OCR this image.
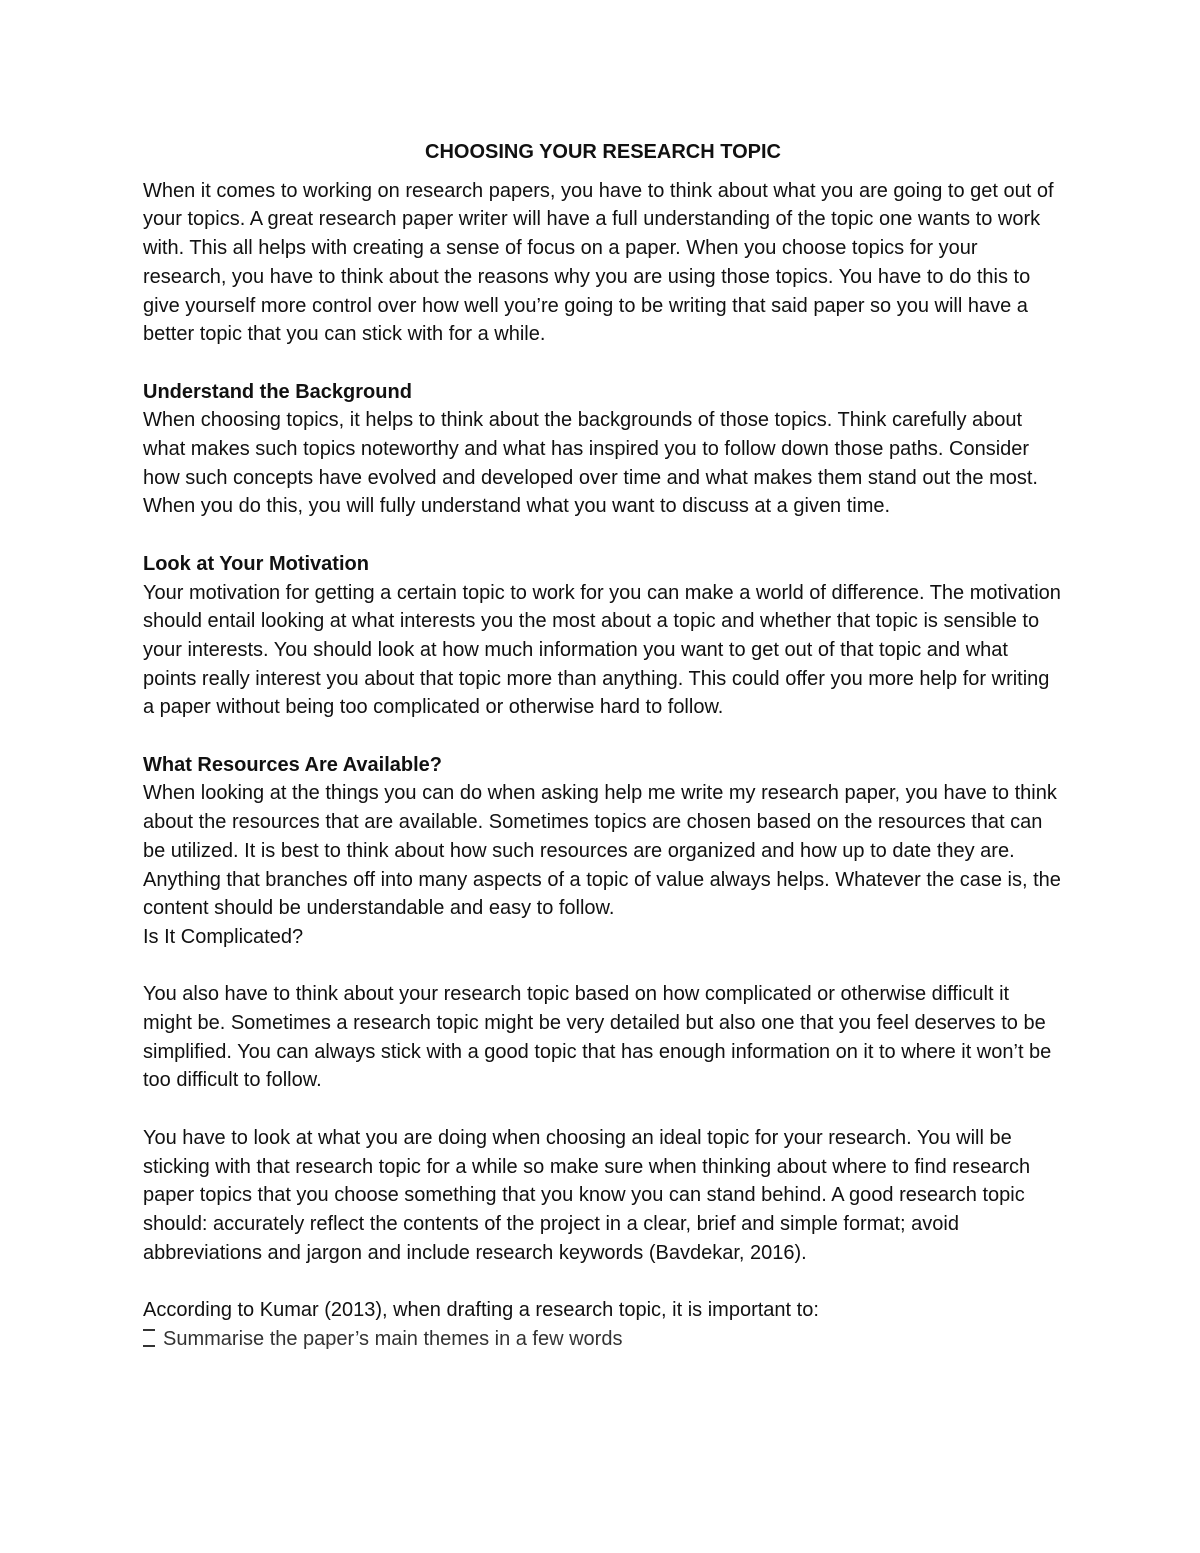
CHOOSING YOUR RESEARCH TOPIC

When it comes to working on research papers, you have to think about what you are going to get out of your topics. A great research paper writer will have a full understanding of the topic one wants to work with. This all helps with creating a sense of focus on a paper. When you choose topics for your research, you have to think about the reasons why you are using those topics. You have to do this to give yourself more control over how well you’re going to be writing that said paper so you will have a better topic that you can stick with for a while.

Understand the Background

When choosing topics, it helps to think about the backgrounds of those topics. Think carefully about what makes such topics noteworthy and what has inspired you to follow down those paths. Consider how such concepts have evolved and developed over time and what makes them stand out the most. When you do this, you will fully understand what you want to discuss at a given time.

Look at Your Motivation

Your motivation for getting a certain topic to work for you can make a world of difference. The motivation should entail looking at what interests you the most about a topic and whether that topic is sensible to your interests. You should look at how much information you want to get out of that topic and what points really interest you about that topic more than anything. This could offer you more help for writing a paper without being too complicated or otherwise hard to follow.

What Resources Are Available?

When looking at the things you can do when asking help me write my research paper, you have to think about the resources that are available. Sometimes topics are chosen based on the resources that can be utilized. It is best to think about how such resources are organized and how up to date they are. Anything that branches off into many aspects of a topic of value always helps. Whatever the case is, the content should be understandable and easy to follow.

Is It Complicated?

You also have to think about your research topic based on how complicated or otherwise difficult it might be. Sometimes a research topic might be very detailed but also one that you feel deserves to be simplified. You can always stick with a good topic that has enough information on it to where it won’t be too difficult to follow.

You have to look at what you are doing when choosing an ideal topic for your research. You will be sticking with that research topic for a while so make sure when thinking about where to find research paper topics that you choose something that you know you can stand behind. A good research topic should: accurately reflect the contents of the project in a clear, brief and simple format; avoid abbreviations and jargon and include research keywords (Bavdekar, 2016).

According to Kumar (2013), when drafting a research topic, it is important to:

Summarise the paper’s main themes in a few words
